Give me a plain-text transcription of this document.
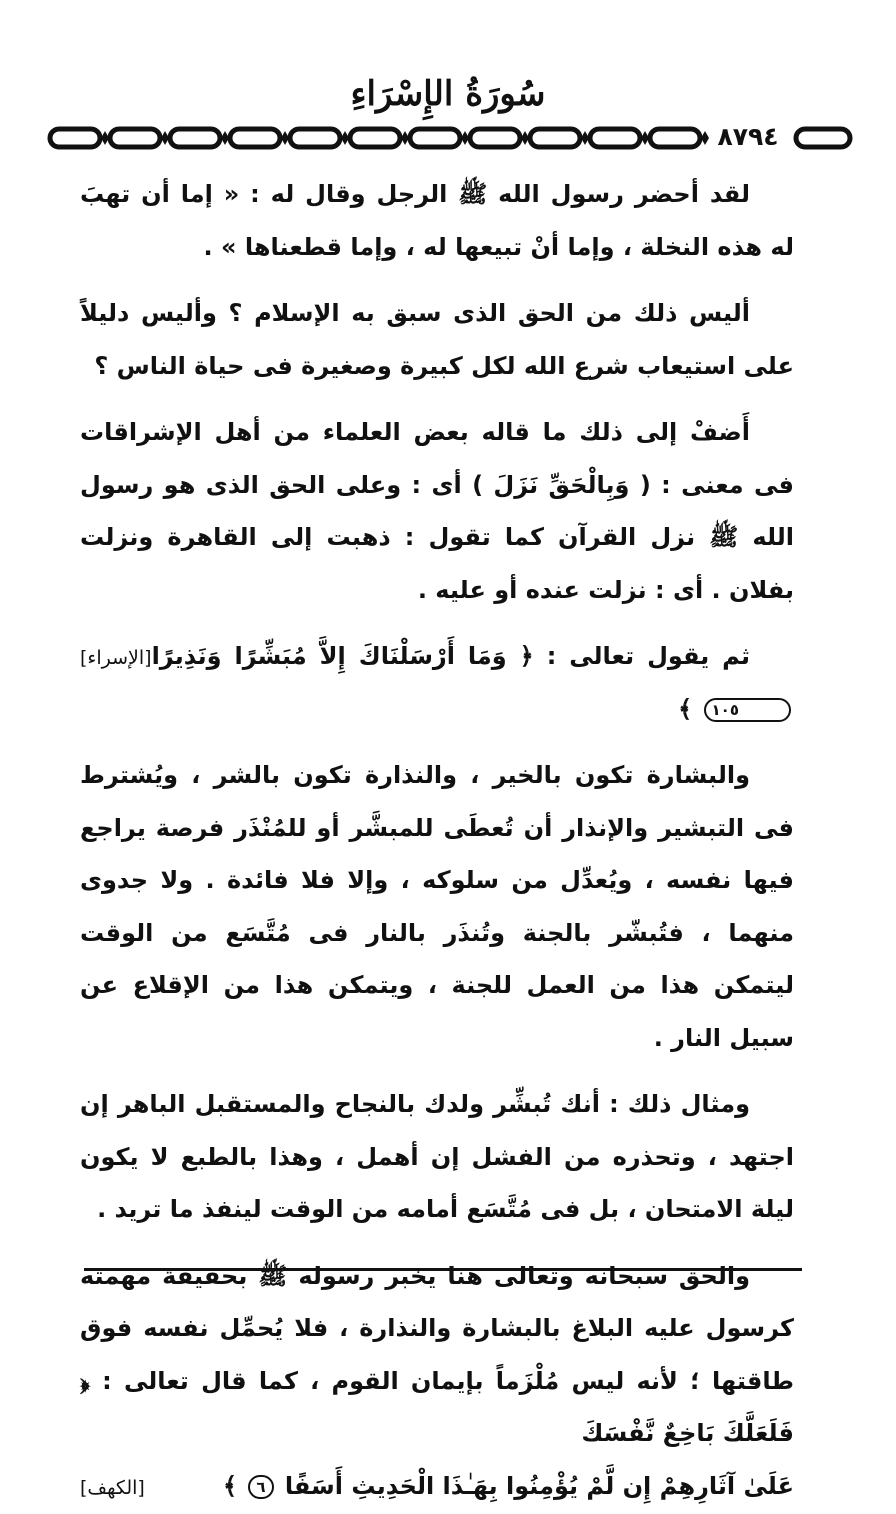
سُورَةُ الإِسْرَاءِ
٨٧٩٤

لقد أحضر رسول الله ﷺ الرجل وقال له : « إما أن تهبَ له هذه النخلة ، وإما أنْ تبيعها له ، وإما قطعناها » .

أليس ذلك من الحق الذى سبق به الإسلام ؟ وأليس دليلاً على استيعاب شرع الله لكل كبيرة وصغيرة فى حياة الناس ؟

أَضفْ إلى ذلك ما قاله بعض العلماء من أهل الإشراقات فى معنى : ( وَبِالْحَقِّ نَزَلَ ) أى : وعلى الحق الذى هو رسول الله ﷺ نزل القرآن كما تقول : ذهبت إلى القاهرة ونزلت بفلان . أى : نزلت عنده أو عليه .

ثم يقول تعالى : ﴿ وَمَا أَرْسَلْنَاكَ إِلاَّ مُبَشِّرًا وَنَذِيرًا ١٠٥ ﴾
[الإسراء]

والبشارة تكون بالخير ، والنذارة تكون بالشر ، ويُشترط فى التبشير والإنذار أن تُعطَى للمبشَّر أو للمُنْذَر فرصة يراجع فيها نفسه ، ويُعدِّل من سلوكه ، وإلا فلا فائدة . ولا جدوى منهما ، فتُبشّر بالجنة وتُنذَر بالنار فى مُتَّسَع من الوقت ليتمكن هذا من العمل للجنة ، ويتمكن هذا من الإقلاع عن سبيل النار .

ومثال ذلك : أنك تُبشِّر ولدك بالنجاح والمستقبل الباهر إن اجتهد ، وتحذره من الفشل إن أهمل ، وهذا بالطبع لا يكون ليلة الامتحان ، بل فى مُتَّسَع أمامه من الوقت لينفذ ما تريد .

والحق سبحانه وتعالى هنا يخبر رسوله ﷺ بحقيقة مهمته كرسول عليه البلاغ بالبشارة والنذارة ، فلا يُحمِّل نفسه فوق طاقتها ؛ لأنه ليس مُلْزَماً بإيمان القوم ، كما قال تعالى : ﴿ فَلَعَلَّكَ بَاخِعٌ نَّفْسَكَ
عَلَىٰ آثَارِهِمْ إِن لَّمْ يُؤْمِنُوا بِهَـٰذَا الْحَدِيثِ أَسَفًا ٦ ﴾
[الكهف]
